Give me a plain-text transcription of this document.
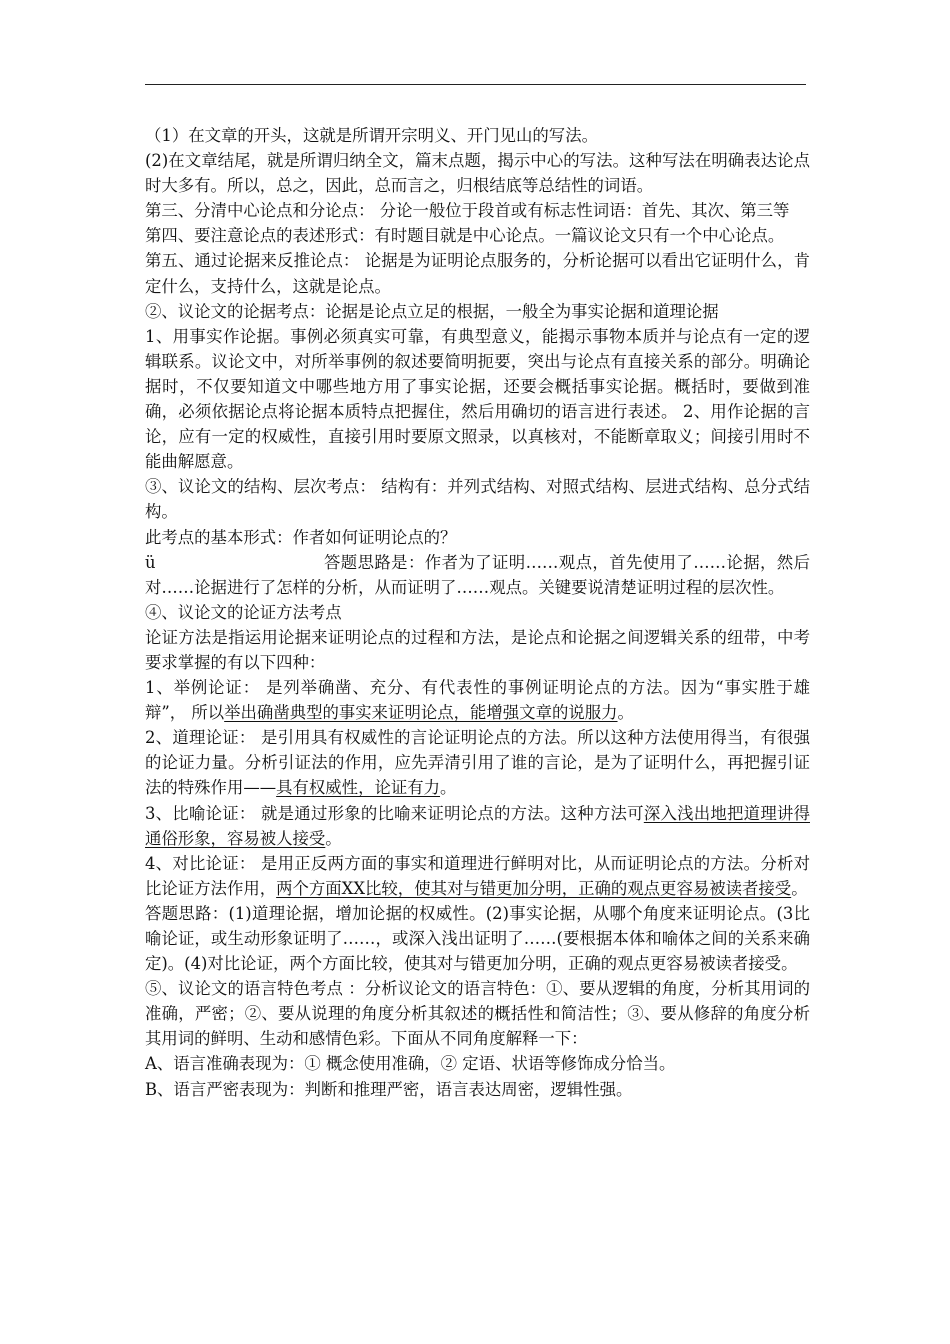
（1）在文章的开头，这就是所谓开宗明义、开门见山的写法。

(2)在文章结尾，就是所谓归纳全文，篇末点题，揭示中心的写法。这种写法在明确表达论点时大多有。所以，总之，因此，总而言之，归根结底等总结性的词语。

第三、分清中心论点和分论点： 分论一般位于段首或有标志性词语：首先、其次、第三等

第四、要注意论点的表述形式：有时题目就是中心论点。一篇议论文只有一个中心论点。

第五、通过论据来反推论点： 论据是为证明论点服务的，分析论据可以看出它证明什么，肯定什么，支持什么，这就是论点。

②、议论文的论据考点：论据是论点立足的根据，一般全为事实论据和道理论据

1、用事实作论据。事例必须真实可靠，有典型意义，能揭示事物本质并与论点有一定的逻辑联系。议论文中，对所举事例的叙述要简明扼要，突出与论点有直接关系的部分。明确论据时，不仅要知道文中哪些地方用了事实论据，还要会概括事实论据。概括时，要做到准确，必须依据论点将论据本质特点把握住，然后用确切的语言进行表述。 2、用作论据的言论，应有一定的权威性，直接引用时要原文照录，以真核对，不能断章取义；间接引用时不能曲解愿意。

③、议论文的结构、层次考点： 结构有：并列式结构、对照式结构、层进式结构、总分式结构。

此考点的基本形式：作者如何证明论点的？

ü	答题思路是：作者为了证明……观点，首先使用了……论据，然后对……论据进行了怎样的分析，从而证明了……观点。关键要说清楚证明过程的层次性。

④、议论文的论证方法考点

论证方法是指运用论据来证明论点的过程和方法，是论点和论据之间逻辑关系的纽带，中考要求掌握的有以下四种：

1、举例论证： 是列举确凿、充分、有代表性的事例证明论点的方法。因为“事实胜于雄辩”， 所以举出确凿典型的事实来证明论点，能增强文章的说服力。

2、道理论证： 是引用具有权威性的言论证明论点的方法。所以这种方法使用得当，有很强的论证力量。分析引证法的作用，应先弄清引用了谁的言论，是为了证明什么，再把握引证法的特殊作用——具有权威性，论证有力。

3、比喻论证： 就是通过形象的比喻来证明论点的方法。这种方法可深入浅出地把道理讲得通俗形象，容易被人接受。

4、对比论证： 是用正反两方面的事实和道理进行鲜明对比，从而证明论点的方法。分析对比论证方法作用，两个方面XX比较，使其对与错更加分明，正确的观点更容易被读者接受。

答题思路：(1)道理论据，增加论据的权威性。(2)事实论据，从哪个角度来证明论点。(3比喻论证，或生动形象证明了……，或深入浅出证明了……(要根据本体和喻体之间的关系来确定)。(4)对比论证，两个方面比较，使其对与错更加分明，正确的观点更容易被读者接受。

⑤、议论文的语言特色考点 ：分析议论文的语言特色：①、要从逻辑的角度，分析其用词的准确，严密；②、要从说理的角度分析其叙述的概括性和简洁性；③、要从修辞的角度分析其用词的鲜明、生动和感情色彩。下面从不同角度解释一下：

A、语言准确表现为：① 概念使用准确，② 定语、状语等修饰成分恰当。

B、语言严密表现为：判断和推理严密，语言表达周密，逻辑性强。
